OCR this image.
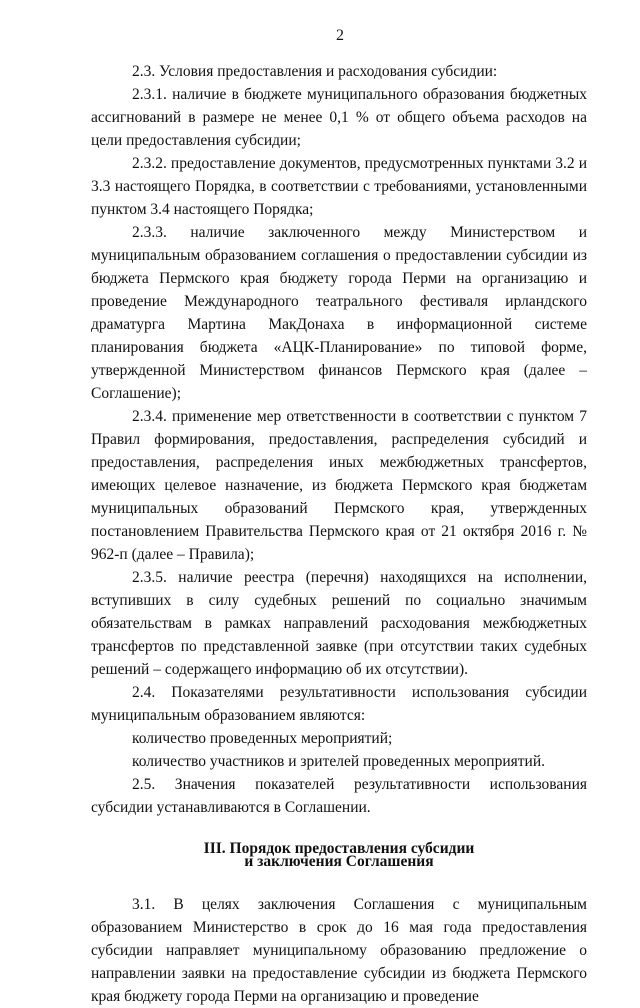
2

2.3. Условия предоставления и расходования субсидии:

2.3.1. наличие в бюджете муниципального образования бюджетных ассигнований в размере не менее 0,1 % от общего объема расходов на цели предоставления субсидии;

2.3.2. предоставление документов, предусмотренных пунктами 3.2 и 3.3 настоящего Порядка, в соответствии с требованиями, установленными пунктом 3.4 настоящего Порядка;

2.3.3. наличие заключенного между Министерством и муниципальным образованием соглашения о предоставлении субсидии из бюджета Пермского края бюджету города Перми на организацию и проведение Международного театрального фестиваля ирландского драматурга Мартина МакДонаха в информационной системе планирования бюджета «АЦК-Планирование» по типовой форме, утвержденной Министерством финансов Пермского края (далее – Соглашение);

2.3.4. применение мер ответственности в соответствии с пунктом 7 Правил формирования, предоставления, распределения субсидий и предоставления, распределения иных межбюджетных трансфертов, имеющих целевое назначение, из бюджета Пермского края бюджетам муниципальных образований Пермского края, утвержденных постановлением Правительства Пермского края от 21 октября 2016 г. № 962-п (далее – Правила);

2.3.5. наличие реестра (перечня) находящихся на исполнении, вступивших в силу судебных решений по социально значимым обязательствам в рамках направлений расходования межбюджетных трансфертов по представленной заявке (при отсутствии таких судебных решений – содержащего информацию об их отсутствии).

2.4. Показателями результативности использования субсидии муниципальным образованием являются:

количество проведенных мероприятий;

количество участников и зрителей проведенных мероприятий.

2.5. Значения показателей результативности использования субсидии устанавливаются в Соглашении.

III. Порядок предоставления субсидии
и заключения Соглашения

3.1. В целях заключения Соглашения с муниципальным образованием Министерство в срок до 16 мая года предоставления субсидии направляет муниципальному образованию предложение о направлении заявки на предоставление субсидии из бюджета Пермского края бюджету города Перми на организацию и проведение
